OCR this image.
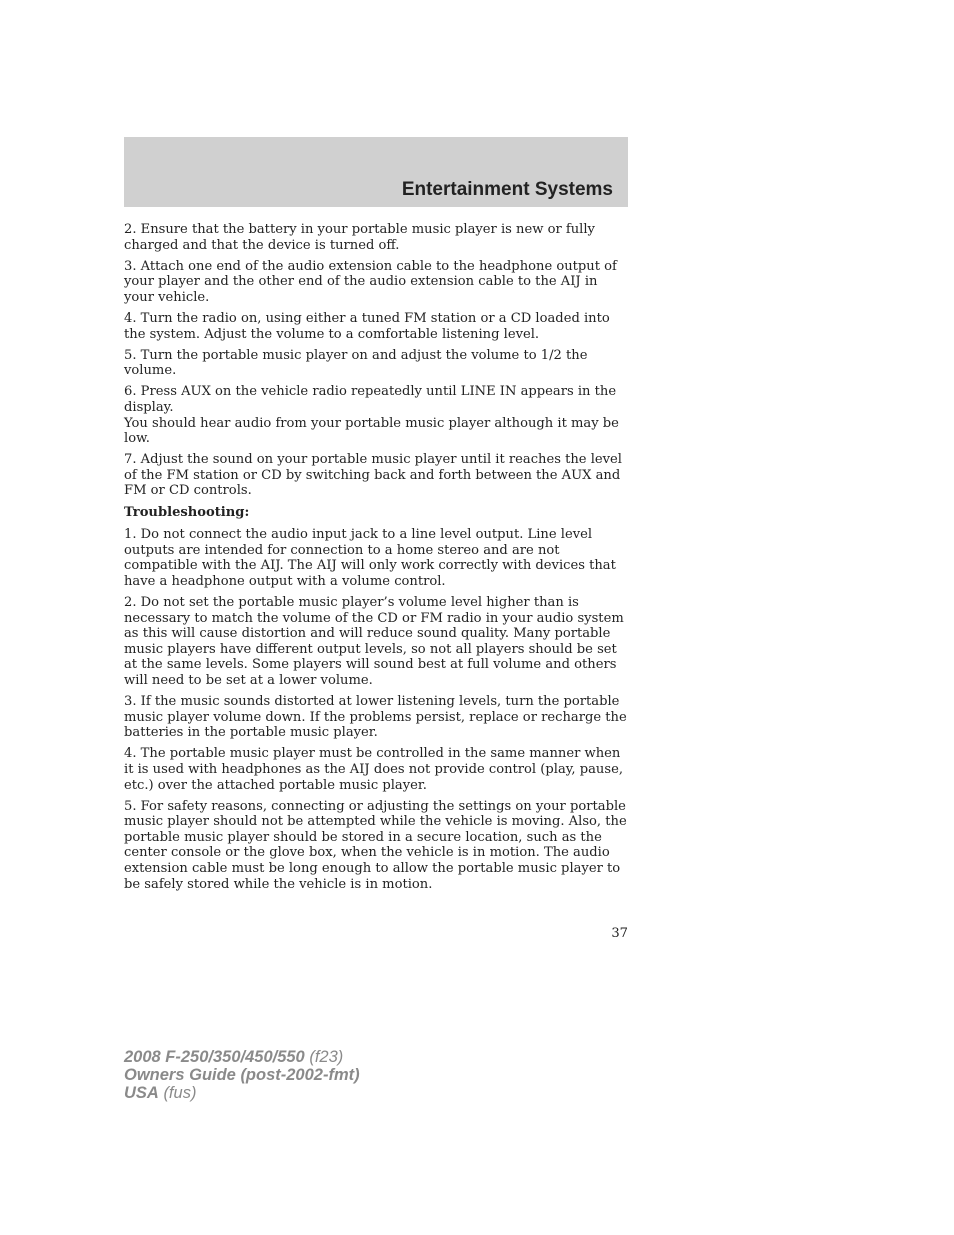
Entertainment Systems

2. Ensure that the battery in your portable music player is new or fully charged and that the device is turned off.

3. Attach one end of the audio extension cable to the headphone output of your player and the other end of the audio extension cable to the AIJ in your vehicle.

4. Turn the radio on, using either a tuned FM station or a CD loaded into the system. Adjust the volume to a comfortable listening level.

5. Turn the portable music player on and adjust the volume to 1/2 the volume.

6. Press AUX on the vehicle radio repeatedly until LINE IN appears in the display.

You should hear audio from your portable music player although it may be low.

7. Adjust the sound on your portable music player until it reaches the level of the FM station or CD by switching back and forth between the AUX and FM or CD controls.

Troubleshooting:

1. Do not connect the audio input jack to a line level output. Line level outputs are intended for connection to a home stereo and are not compatible with the AIJ. The AIJ will only work correctly with devices that have a headphone output with a volume control.

2. Do not set the portable music player’s volume level higher than is necessary to match the volume of the CD or FM radio in your audio system as this will cause distortion and will reduce sound quality. Many portable music players have different output levels, so not all players should be set at the same levels. Some players will sound best at full volume and others will need to be set at a lower volume.

3. If the music sounds distorted at lower listening levels, turn the portable music player volume down. If the problems persist, replace or recharge the batteries in the portable music player.

4. The portable music player must be controlled in the same manner when it is used with headphones as the AIJ does not provide control (play, pause, etc.) over the attached portable music player.

5. For safety reasons, connecting or adjusting the settings on your portable music player should not be attempted while the vehicle is moving. Also, the portable music player should be stored in a secure location, such as the center console or the glove box, when the vehicle is in motion. The audio extension cable must be long enough to allow the portable music player to be safely stored while the vehicle is in motion.

37
2008 F-250/350/450/550 (f23)
Owners Guide (post-2002-fmt)
USA (fus)
